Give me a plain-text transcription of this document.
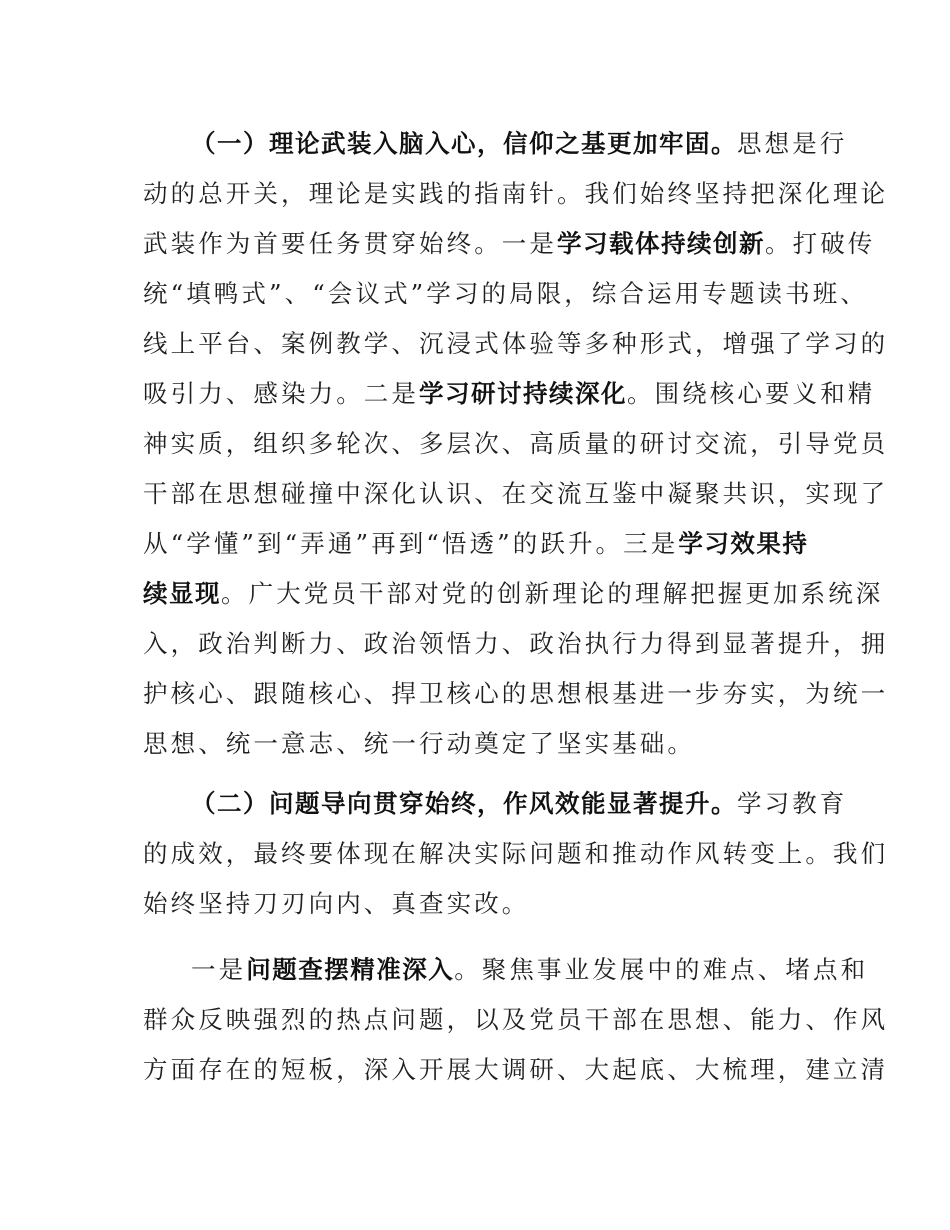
（一）理论武装入脑入心，信仰之基更加牢固。思想是行
动的总开关，理论是实践的指南针。我们始终坚持把深化理论
武装作为首要任务贯穿始终。一是学习载体持续创新。打破传
统“填鸭式”、“会议式”学习的局限，综合运用专题读书班、
线上平台、案例教学、沉浸式体验等多种形式，增强了学习的
吸引力、感染力。二是学习研讨持续深化。围绕核心要义和精
神实质，组织多轮次、多层次、高质量的研讨交流，引导党员
干部在思想碰撞中深化认识、在交流互鉴中凝聚共识，实现了
从“学懂”到“弄通”再到“悟透”的跃升。三是学习效果持
续显现。广大党员干部对党的创新理论的理解把握更加系统深
入，政治判断力、政治领悟力、政治执行力得到显著提升，拥
护核心、跟随核心、捍卫核心的思想根基进一步夯实，为统一
思想、统一意志、统一行动奠定了坚实基础。
（二）问题导向贯穿始终，作风效能显著提升。学习教育
的成效，最终要体现在解决实际问题和推动作风转变上。我们
始终坚持刀刃向内、真查实改。
一是问题查摆精准深入。聚焦事业发展中的难点、堵点和
群众反映强烈的热点问题，以及党员干部在思想、能力、作风
方面存在的短板，深入开展大调研、大起底、大梳理，建立清
